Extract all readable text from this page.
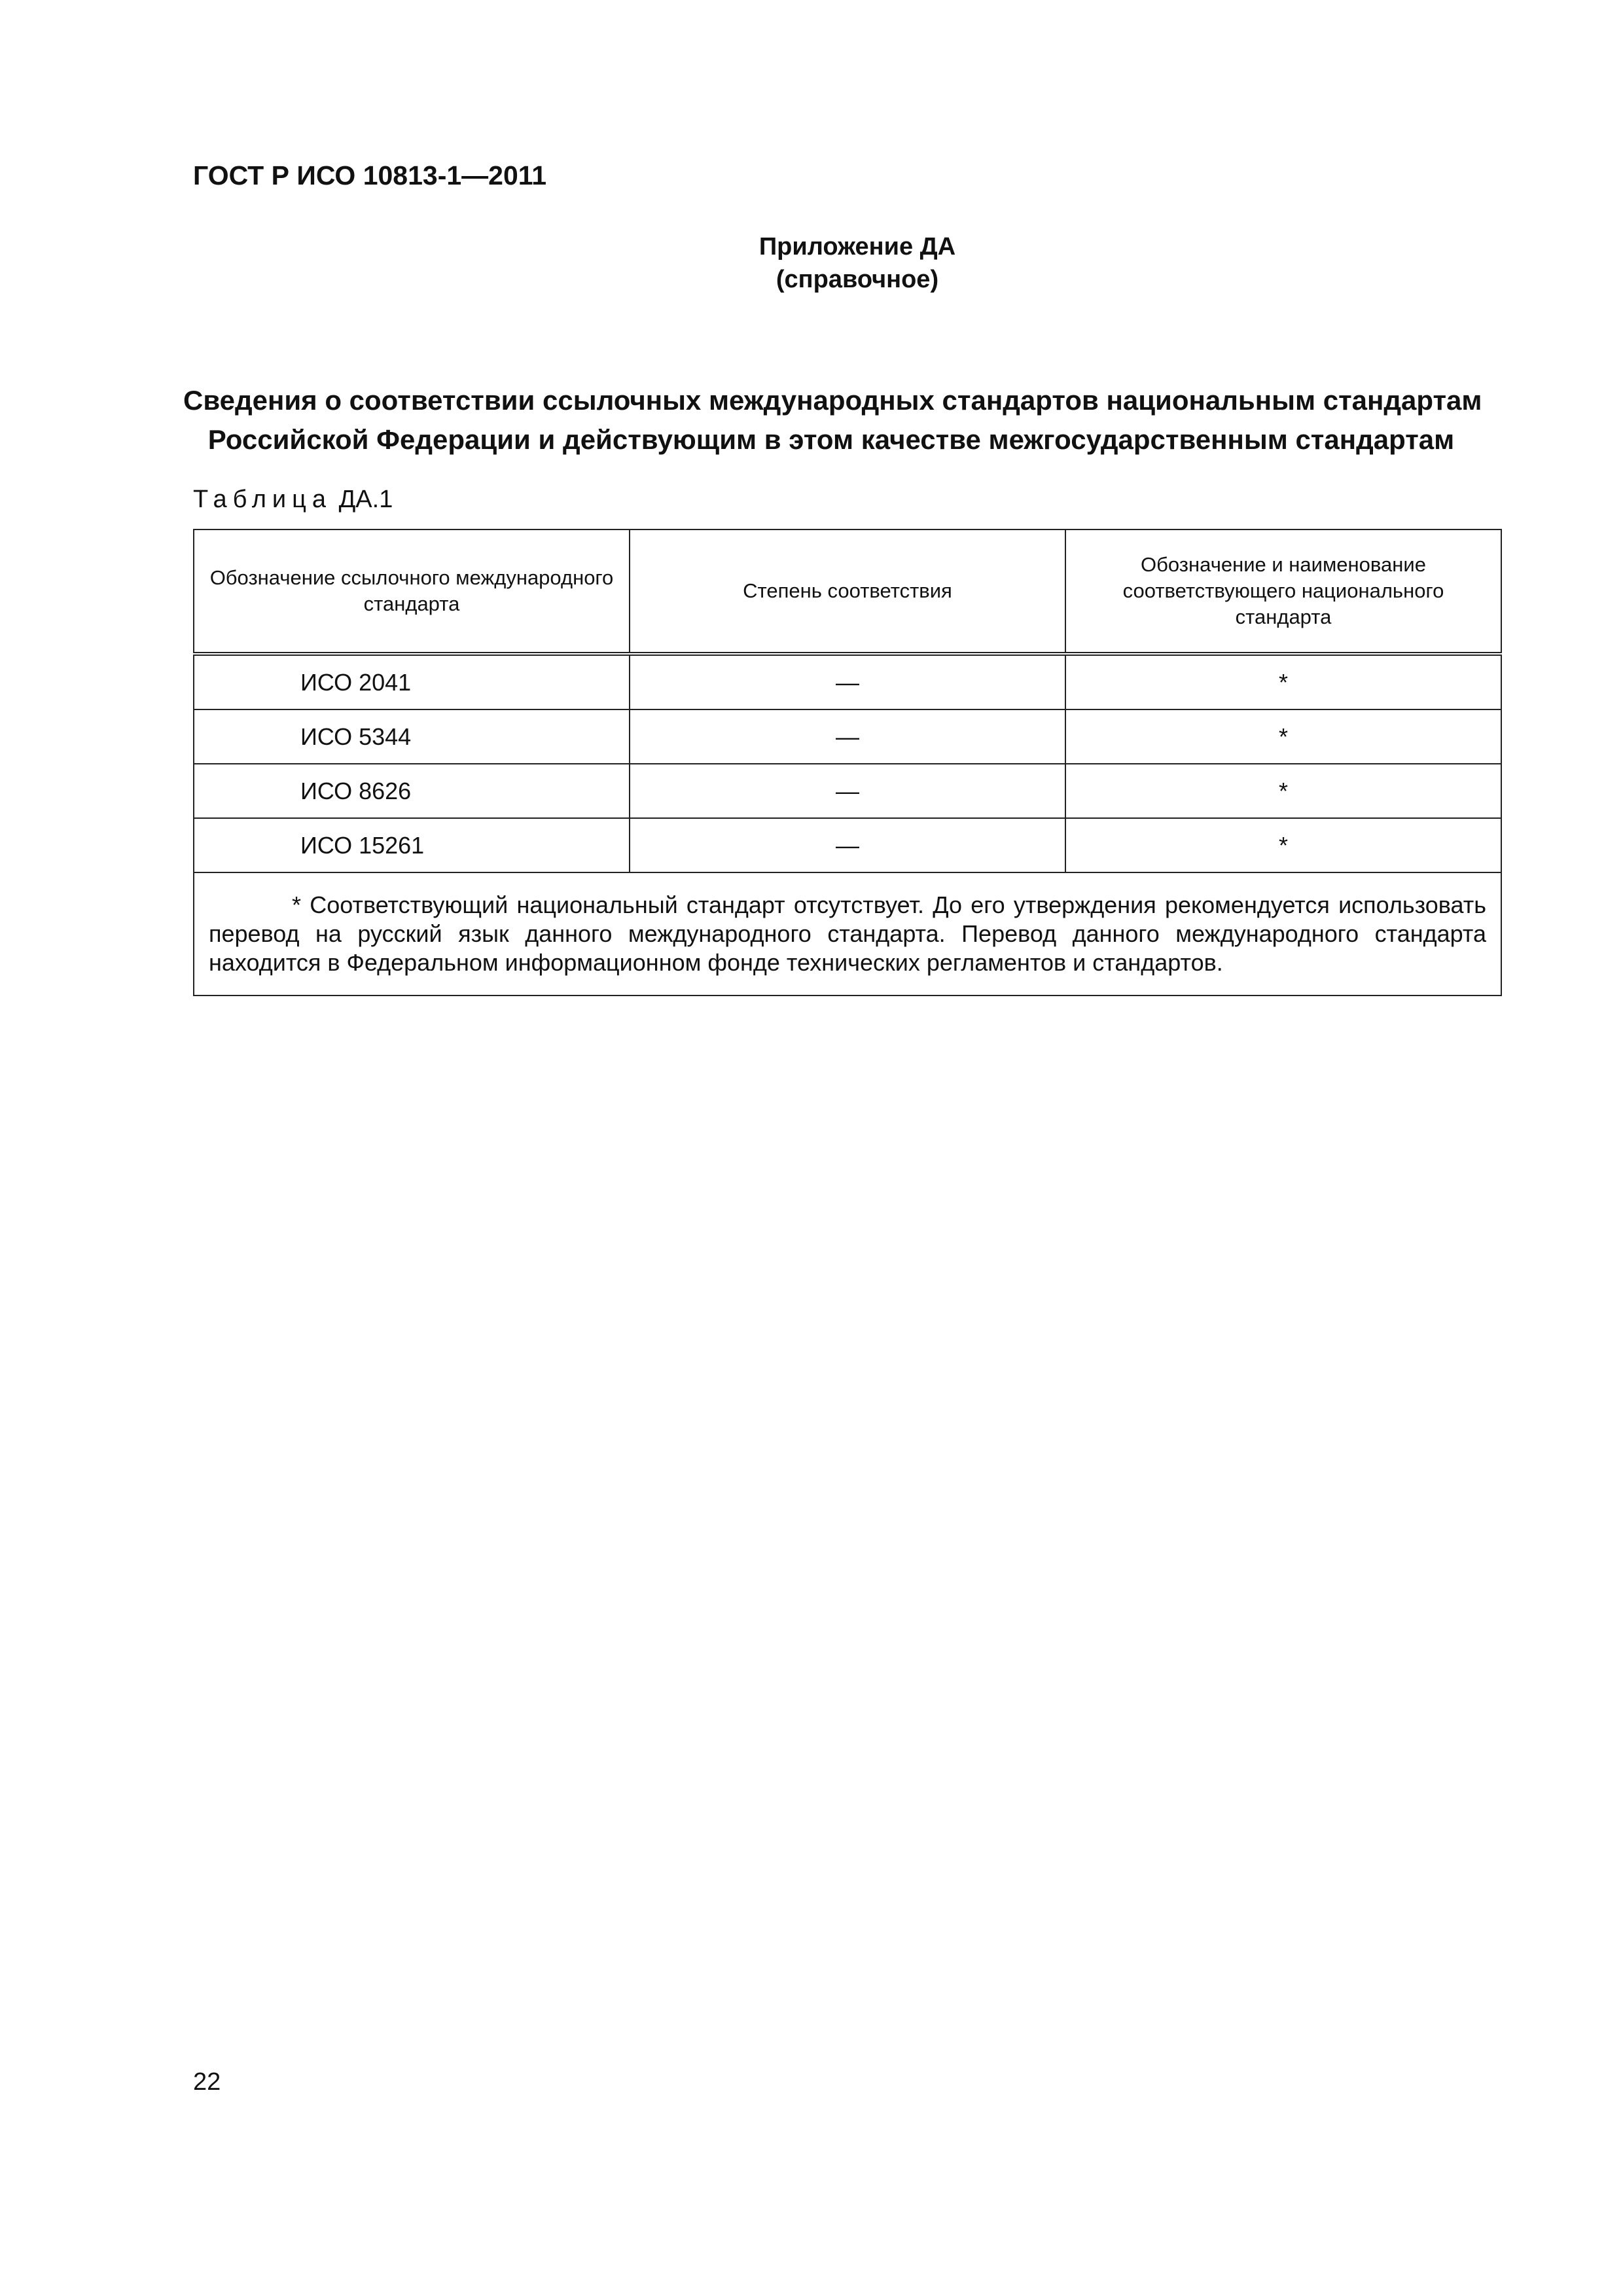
ГОСТ Р ИСО 10813-1—2011
Приложение ДА
(справочное)
Сведения о соответствии ссылочных международных стандартов национальным стандартам
Российской Федерации и действующим в этом качестве межгосударственным стандартам
Таблица ДА.1
Обозначение ссылочного международного стандарта	Степень соответствия	Обозначение и наименование соответствующего национального стандарта

ИСО 2041	—	*
ИСО 5344	—	*
ИСО 8626	—	*
ИСО 15261	—	*
* Соответствующий национальный стандарт отсутствует. До его утверждения рекомендуется использовать перевод на русский язык данного международного стандарта. Перевод данного международного стандарта находится в Федеральном информационном фонде технических регламентов и стандартов.		
22
